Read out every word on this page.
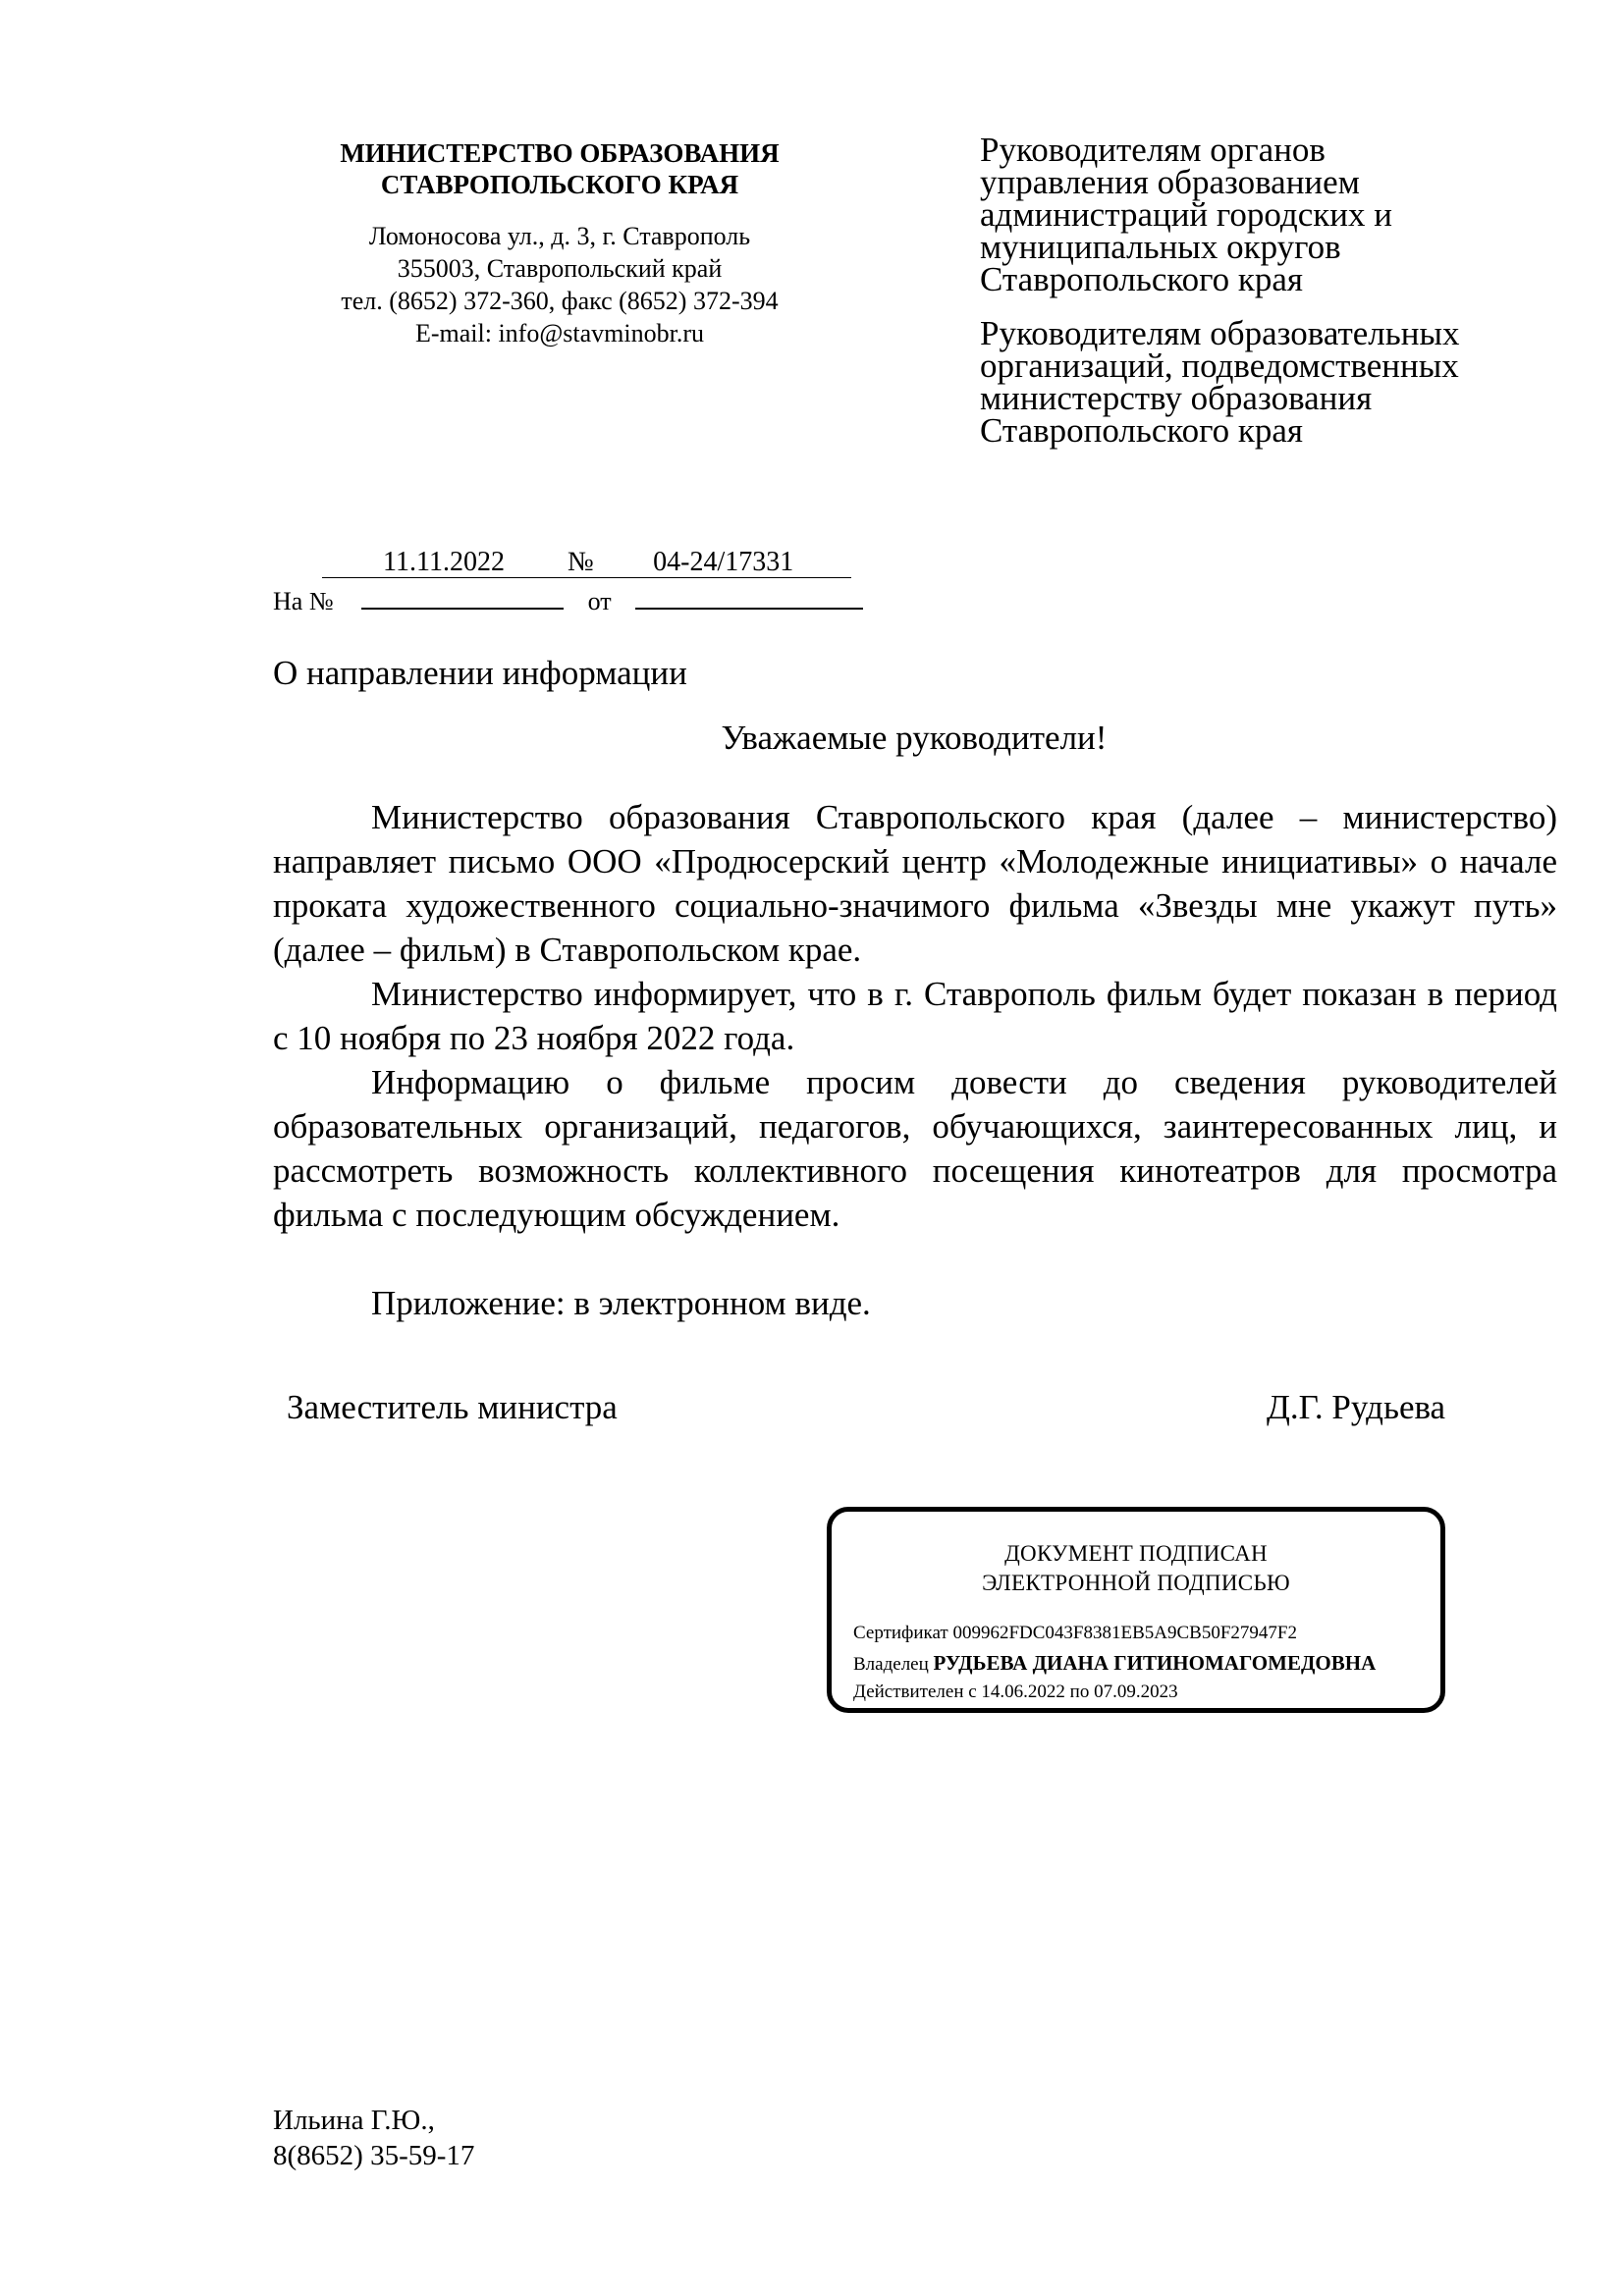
МИНИСТЕРСТВО ОБРАЗОВАНИЯ
СТАВРОПОЛЬСКОГО КРАЯ
Ломоносова ул., д. 3, г. Ставрополь
355003, Ставропольский край
тел. (8652) 372-360, факс (8652) 372-394
E-mail: info@stavminobr.ru
Руководителям органов
управления образованием
администраций городских и
муниципальных округов
Ставропольского края
Руководителям образовательных
организаций, подведомственных
министерству образования
Ставропольского края
11.11.2022 № 04-24/17331
На №	от
О направлении информации
Уважаемые руководители!

Министерство образования Ставропольского края (далее – министерство) направляет письмо ООО «Продюсерский центр «Молодежные инициативы» о начале проката художественного социально-значимого фильма «Звезды мне укажут путь» (далее – фильм) в Ставропольском крае.

Министерство информирует, что в г. Ставрополь фильм будет показан в период с 10 ноября по 23 ноября 2022 года.

Информацию о фильме просим довести до сведения руководителей образовательных организаций, педагогов, обучающихся, заинтересованных лиц, и рассмотреть возможность коллективного посещения кинотеатров для просмотра фильма с последующим обсуждением.

Приложение: в электронном виде.
Заместитель министра	Д.Г. Рудьева
ДОКУМЕНТ ПОДПИСАН
ЭЛЕКТРОННОЙ ПОДПИСЬЮ
Сертификат 009962FDC043F8381EB5A9CB50F27947F2
Владелец РУДЬЕВА ДИАНА ГИТИНОМАГОМЕДОВНА
Действителен с 14.06.2022 по 07.09.2023
Ильина Г.Ю.,
8(8652) 35-59-17
